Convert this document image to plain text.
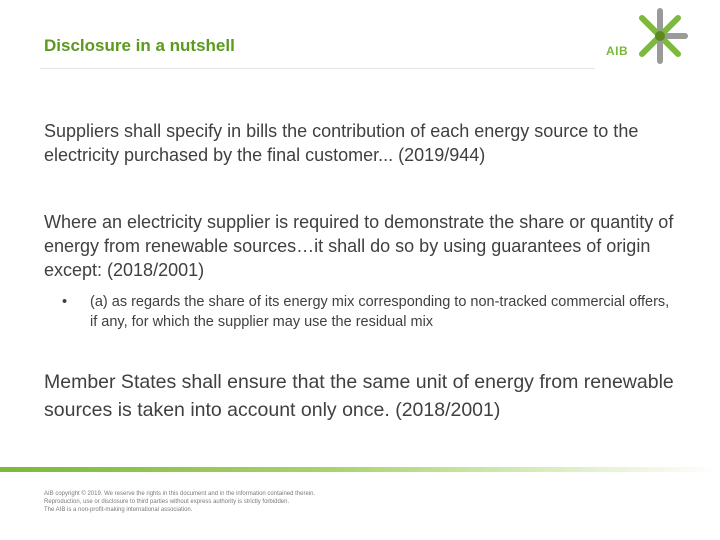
Disclosure in a nutshell	AIB

Suppliers shall specify in bills the contribution of each energy source to the electricity purchased by the final customer... (2019/944)

Where an electricity supplier is required to demonstrate the share or quantity of energy from renewable sources…it shall do so by using guarantees of origin except: (2018/2001)

• (a) as regards the share of its energy mix corresponding to non-tracked commercial offers, if any, for which the supplier may use the residual mix

Member States shall ensure that the same unit of energy from renewable sources is taken into account only once. (2018/2001)

AIB copyright © 2019. We reserve the rights in this document and in the information contained therein.
Reproduction, use or disclosure to third parties without express authority is strictly forbidden.
The AIB is a non-profit-making international association.
